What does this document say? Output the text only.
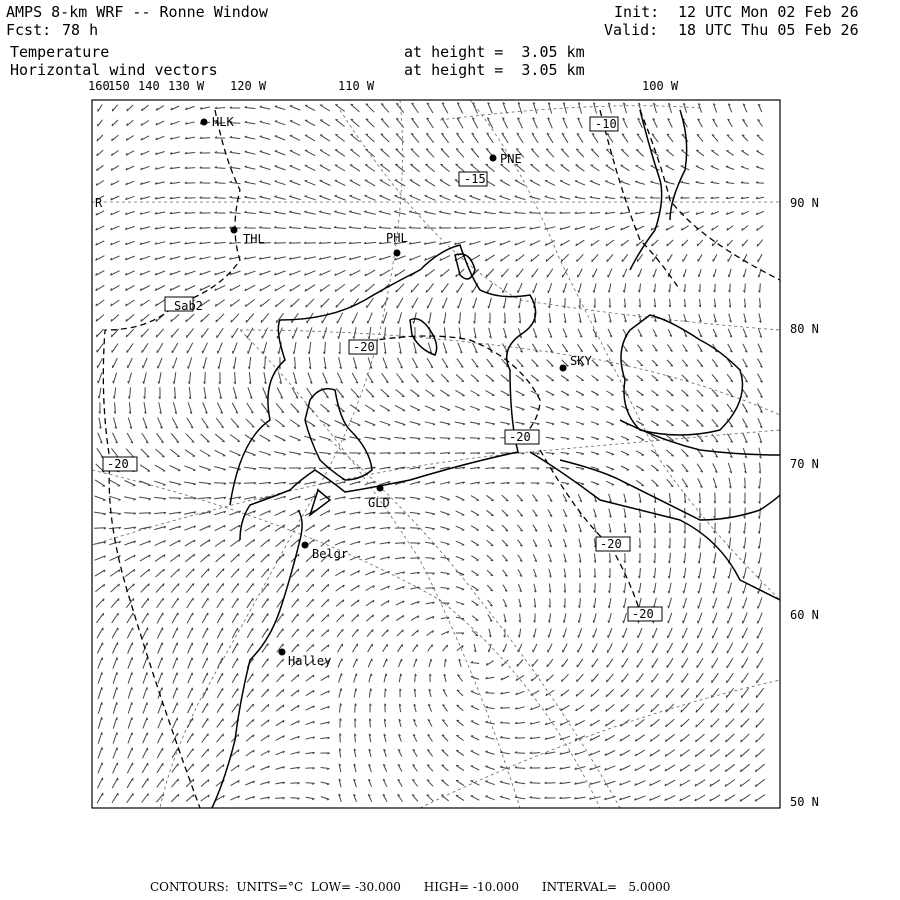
AMPS 8-km WRF -- Ronne Window
Fcst: 78 h
Init: 12 UTC Mon 02 Feb 26
Valid: 18 UTC Thu 05 Feb 26
Temperature
Horizontal wind vectors
at height =  3.05 km
at height =  3.05 km
160
150 140 130 W 120 W	110 W	100 W
90 N
80 N
70 N
60 N
50 N
R
HLK
PNE
THL	PHL
Sab2
SKY
GLD
Belgr
Halley
-10
-15
-20
-20
-20
-20
-20
CONTOURS:  UNITS=°C  LOW= -30.000      HIGH= -10.000      INTERVAL=   5.0000
